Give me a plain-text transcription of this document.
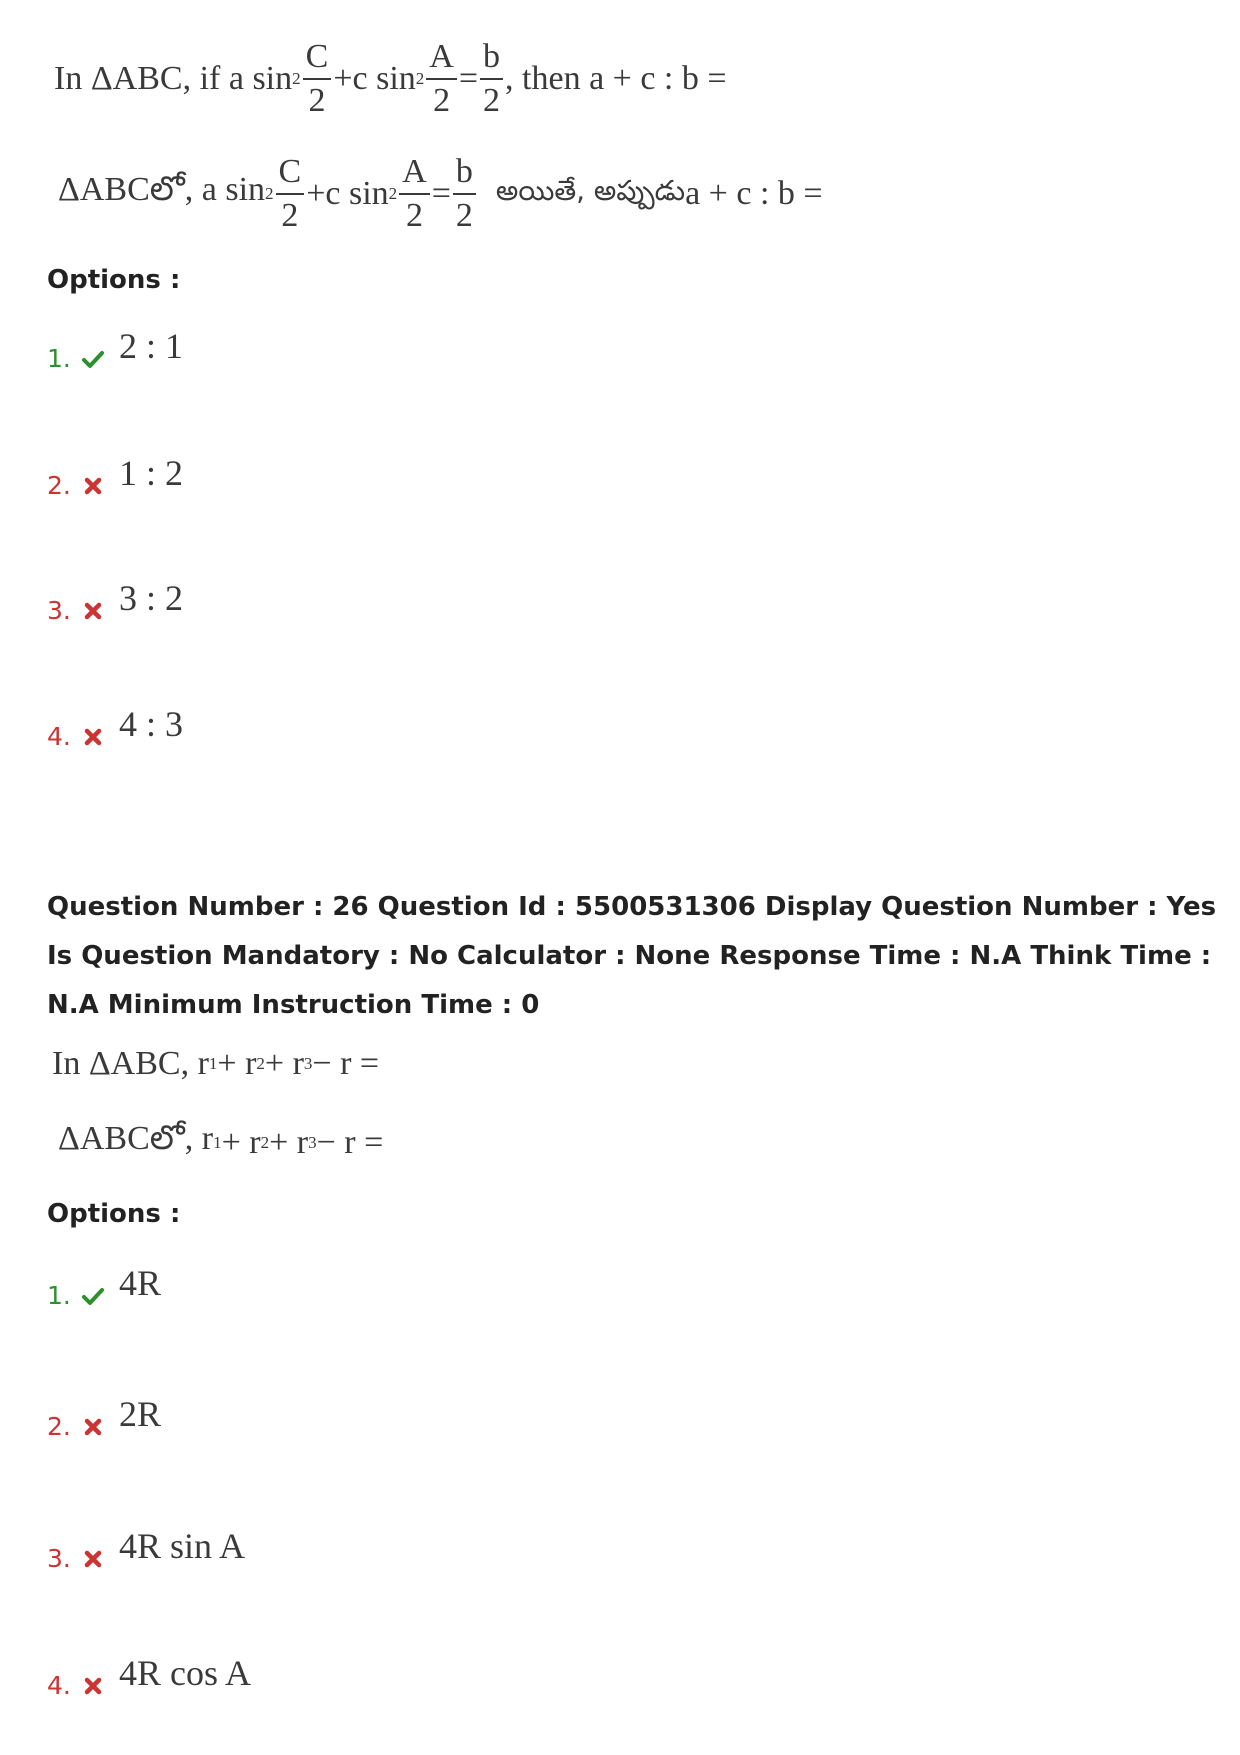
In ΔABC, if a $\sin 2 \frac{C}{2} +c$ $\sin 2 \frac{A}{2} = \frac{b}{2}$ , then a + c : b =
ΔABCలో, a $\sin 2 \frac{C}{2} +c$ $\sin 2 \frac{A}{2} = \frac{b}{2}$ అయితే, అప్పుడు a + c : b =
Options :
1. 2 : 1
2. 1 : 2
3. 3 : 2
4. 4 : 3
Question Number : 26 Question Id : 5500531306 Display Question Number : Yes Is Question Mandatory : No Calculator : None Response Time : N.A Think Time : N.A Minimum Instruction Time : 0
In ΔABC, r 1 + r 2 + r 3 − r =
ΔABCలో, r 1 + r 2 + r 3 − r =
Options :
1. 4R
2. 2R
3. 4R sin A
4. 4R cos A
